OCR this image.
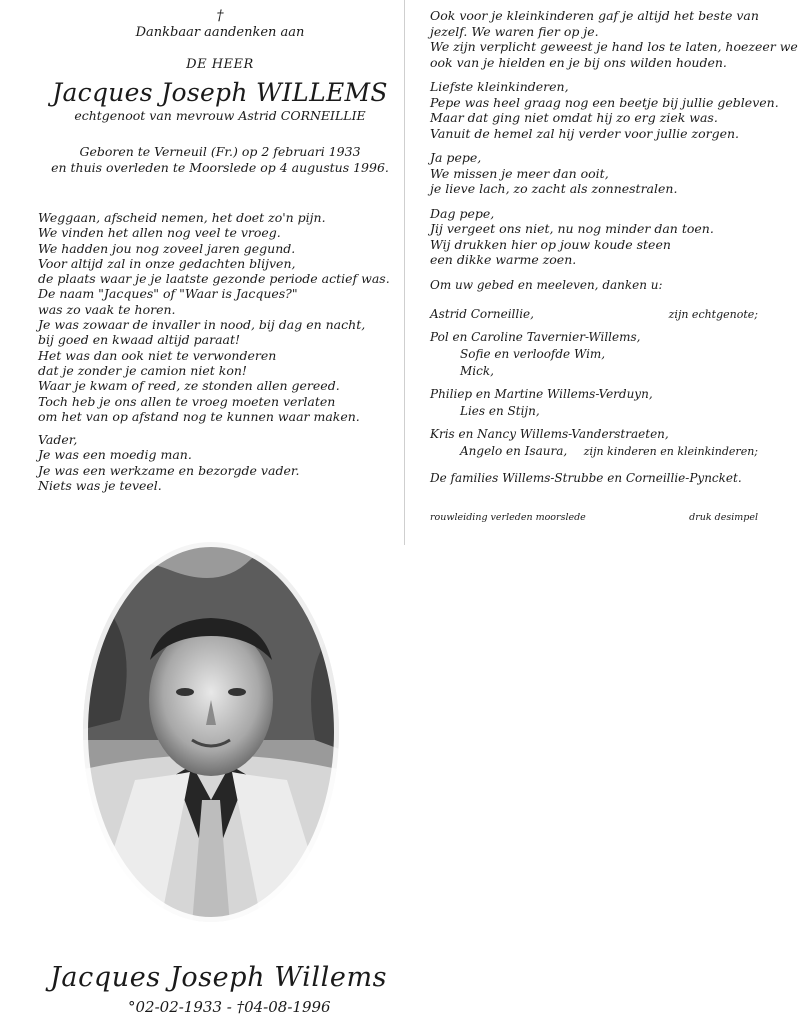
†
Dankbaar aandenken aan
DE HEER
Jacques Joseph WILLEMS
echtgenoot van mevrouw Astrid CORNEILLIE
Geboren te Verneuil (Fr.) op 2 februari 1933
en thuis overleden te Moorslede op 4 augustus 1996.
Weggaan, afscheid nemen, het doet zo'n pijn.
We vinden het allen nog veel te vroeg.
We hadden jou nog zoveel jaren gegund.
Voor altijd zal in onze gedachten blijven,
de plaats waar je je laatste gezonde periode actief was.
De naam "Jacques" of "Waar is Jacques?"
was zo vaak te horen.
Je was zowaar de invaller in nood, bij dag en nacht,
bij goed en kwaad altijd paraat!
Het was dan ook niet te verwonderen
dat je zonder je camion niet kon!
Waar je kwam of reed, ze stonden allen gereed.
Toch heb je ons allen te vroeg moeten verlaten
om het van op afstand nog te kunnen waar maken.
Vader,
Je was een moedig man.
Je was een werkzame en bezorgde vader.
Niets was je teveel.
Ook voor je kleinkinderen gaf je altijd het beste van
jezelf. We waren fier op je.
We zijn verplicht geweest je hand los te laten, hoezeer we
ook van je hielden en je bij ons wilden houden.
Liefste kleinkinderen,
Pepe was heel graag nog een beetje bij jullie gebleven.
Maar dat ging niet omdat hij zo erg ziek was.
Vanuit de hemel zal hij verder voor jullie zorgen.
Ja pepe,
We missen je meer dan ooit,
je lieve lach, zo zacht als zonnestralen.
Dag pepe,
Jij vergeet ons niet, nu nog minder dan toen.
Wij drukken hier op jouw koude steen
een dikke warme zoen.
Om uw gebed en meeleven, danken u:
Astrid Corneillie,	zijn echtgenote;
Pol en Caroline Tavernier-Willems,
Sofie en verloofde Wim,
Mick,
Philiep en Martine Willems-Verduyn,
Lies en Stijn,
Kris en Nancy Willems-Vanderstraeten,
Angelo en Isaura, zijn kinderen en kleinkinderen;
De families Willems-Strubbe en Corneillie-Pyncket.
rouwleiding verleden moorslede	druk desimpel
Jacques Joseph Willems
°02-02-1933 - †04-08-1996
